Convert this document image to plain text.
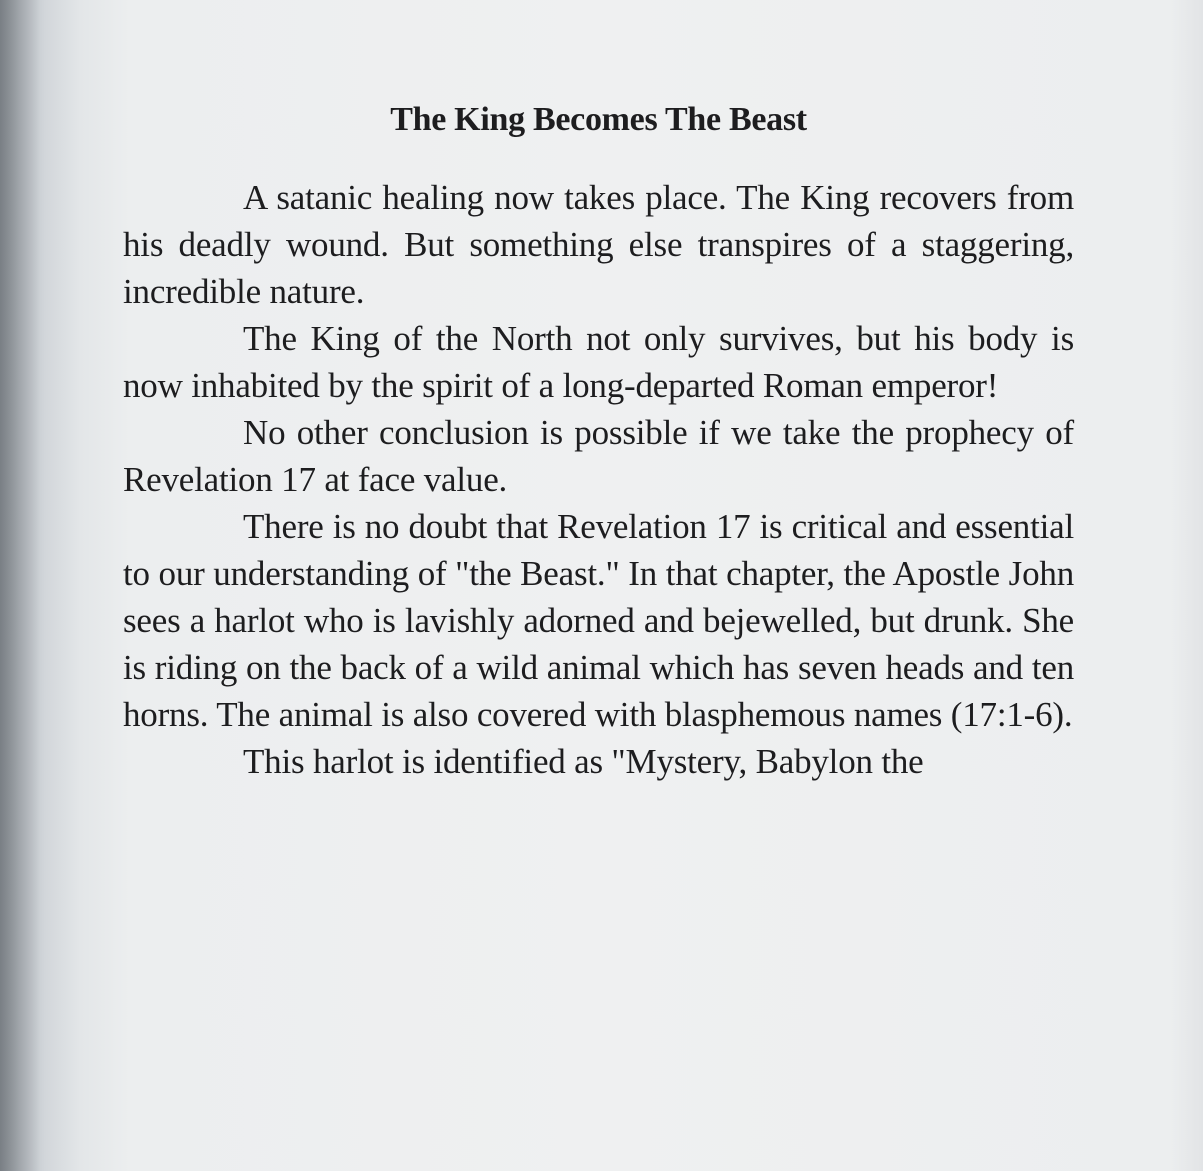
The King Becomes The Beast

A satanic healing now takes place. The King recovers from his deadly wound. But something else transpires of a staggering, incredible nature.

The King of the North not only survives, but his body is now inhabited by the spirit of a long-departed Roman emperor!

No other conclusion is possible if we take the prophecy of Revelation 17 at face value.

There is no doubt that Revelation 17 is critical and essential to our understanding of "the Beast." In that chapter, the Apostle John sees a harlot who is lavishly adorned and bejewelled, but drunk. She is riding on the back of a wild animal which has seven heads and ten horns. The animal is also covered with blasphemous names (17:1-6).

This harlot is identified as "Mystery, Babylon the
